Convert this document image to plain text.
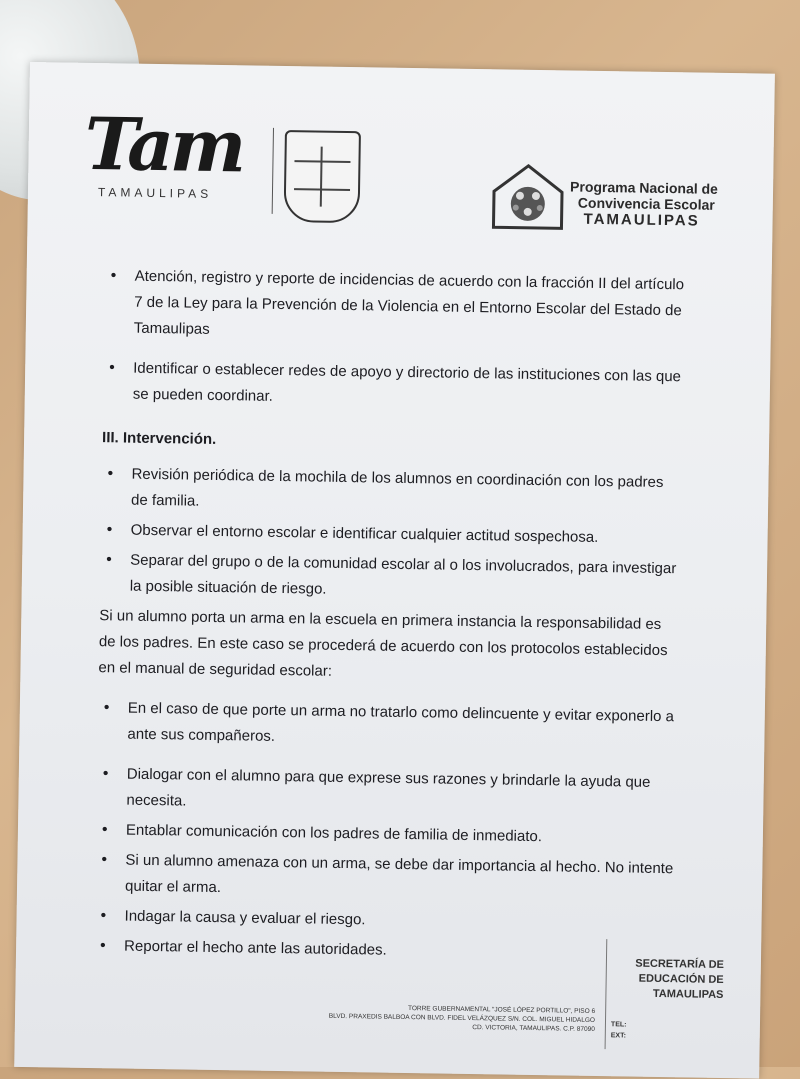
Tam
TAMAULIPAS	Programa Nacional de
Convivencia Escolar
TAMAULIPAS
• Atención, registro y reporte de incidencias de acuerdo con la fracción II del artículo 7 de la Ley para la Prevención de la Violencia en el Entorno Escolar del Estado de Tamaulipas
• Identificar o establecer redes de apoyo y directorio de las instituciones con las que se pueden coordinar.
III. Intervención.
• Revisión periódica de la mochila de los alumnos en coordinación con los padres de familia.
• Observar el entorno escolar e identificar cualquier actitud sospechosa.
• Separar del grupo o de la comunidad escolar al o los involucrados, para investigar la posible situación de riesgo.

Si un alumno porta un arma en la escuela en primera instancia la responsabilidad es de los padres. En este caso se procederá de acuerdo con los protocolos establecidos en el manual de seguridad escolar:

• En el caso de que porte un arma no tratarlo como delincuente y evitar exponerlo a ante sus compañeros.
• Dialogar con el alumno para que exprese sus razones y brindarle la ayuda que necesita.
• Entablar comunicación con los padres de familia de inmediato.
• Si un alumno amenaza con un arma, se debe dar importancia al hecho. No intente quitar el arma.
• Indagar la causa y evaluar el riesgo.
• Reportar el hecho ante las autoridades.
TORRE GUBERNAMENTAL "JOSÉ LÓPEZ PORTILLO", PISO 6
BLVD. PRAXEDIS BALBOA CON BLVD. FIDEL VELÁZQUEZ S/N. COL. MIGUEL HIDALGO
CD. VICTORIA, TAMAULIPAS. C.P. 87090
SECRETARÍA DE
EDUCACIÓN DE
TAMAULIPAS
TEL:
EXT:
